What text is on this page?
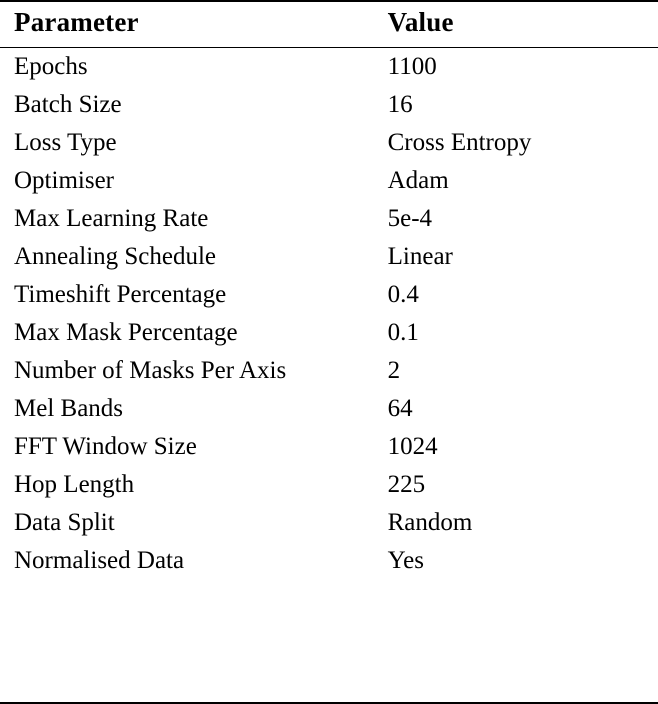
Parameter	Value
Epochs	1100
Batch Size	16
Loss Type	Cross Entropy
Optimiser	Adam
Max Learning Rate	5e-4
Annealing Schedule	Linear
Timeshift Percentage	0.4
Max Mask Percentage	0.1
Number of Masks Per Axis	2
Mel Bands	64
FFT Window Size	1024
Hop Length	225
Data Split	Random
Normalised Data	Yes
